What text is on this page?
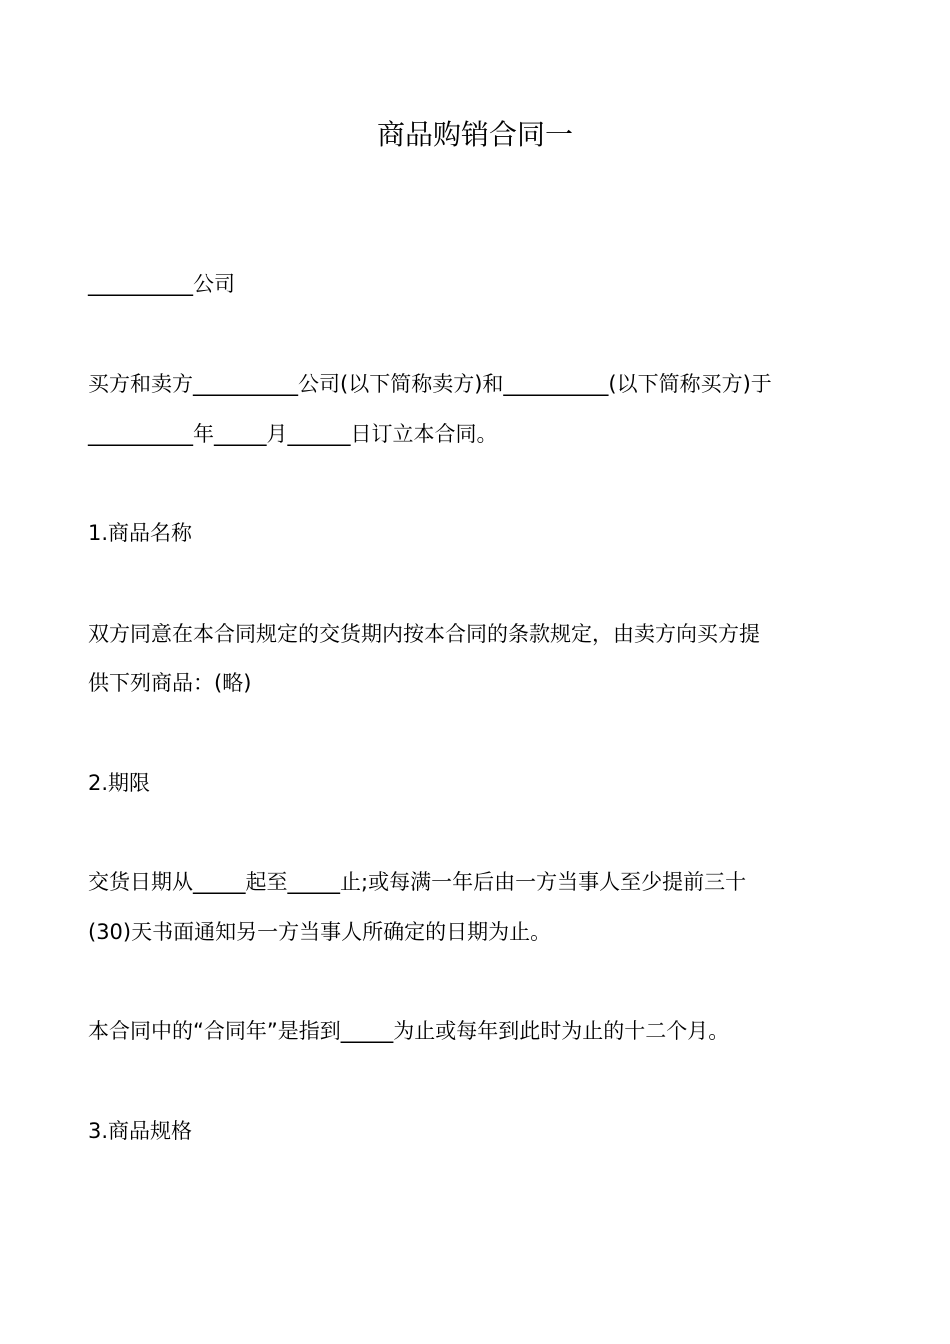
商品购销合同一

__________公司

买方和卖方__________公司(以下简称卖方)和__________(以下简称买方)于

__________年_____月______日订立本合同。

1.商品名称

双方同意在本合同规定的交货期内按本合同的条款规定，由卖方向买方提

供下列商品：(略)

2.期限

交货日期从_____起至_____止;或每满一年后由一方当事人至少提前三十

(30)天书面通知另一方当事人所确定的日期为止。

本合同中的“合同年”是指到_____为止或每年到此时为止的十二个月。

3.商品规格
